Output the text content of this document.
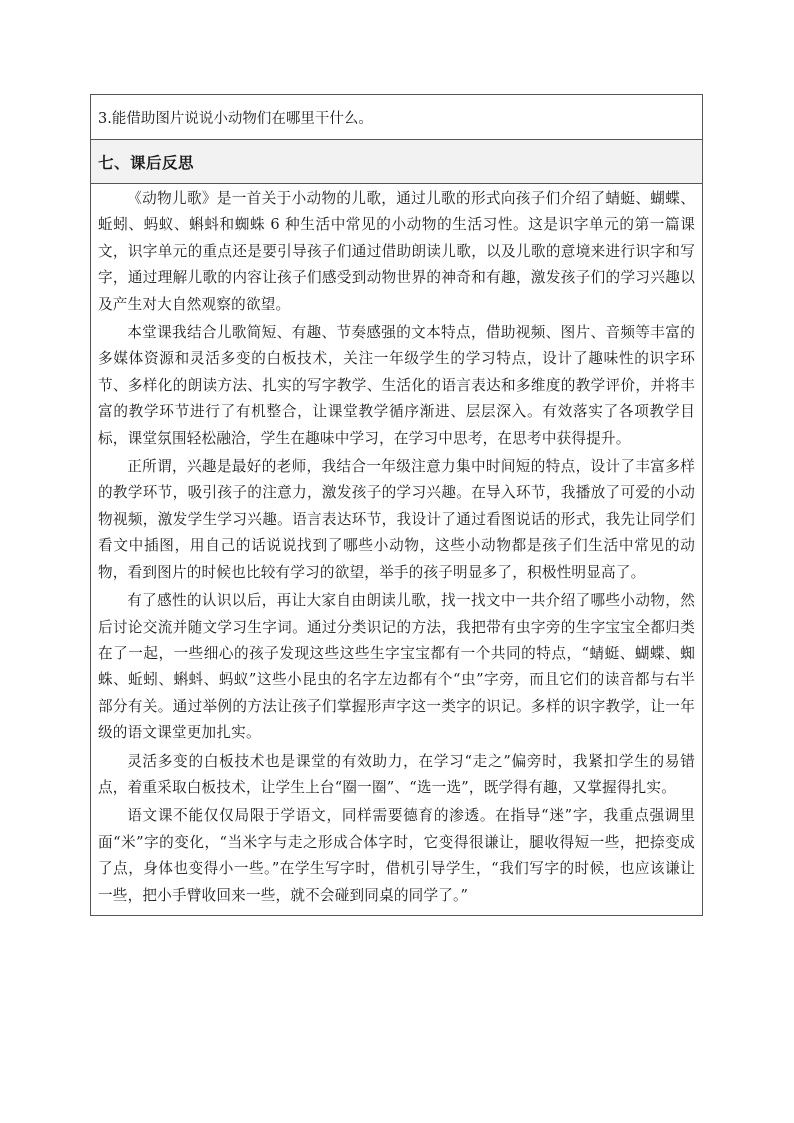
3.能借助图片说说小动物们在哪里干什么。
七、课后反思

《动物儿歌》是一首关于小动物的儿歌，通过儿歌的形式向孩子们介绍了蜻蜓、蝴蝶、蚯蚓、蚂蚁、蝌蚪和蜘蛛 6 种生活中常见的小动物的生活习性。这是识字单元的第一篇课文，识字单元的重点还是要引导孩子们通过借助朗读儿歌，以及儿歌的意境来进行识字和写字，通过理解儿歌的内容让孩子们感受到动物世界的神奇和有趣，激发孩子们的学习兴趣以及产生对大自然观察的欲望。

本堂课我结合儿歌简短、有趣、节奏感强的文本特点，借助视频、图片、音频等丰富的多媒体资源和灵活多变的白板技术，关注一年级学生的学习特点，设计了趣味性的识字环节、多样化的朗读方法、扎实的写字教学、生活化的语言表达和多维度的教学评价，并将丰富的教学环节进行了有机整合，让课堂教学循序渐进、层层深入。有效落实了各项教学目标，课堂氛围轻松融洽，学生在趣味中学习，在学习中思考，在思考中获得提升。

正所谓，兴趣是最好的老师，我结合一年级注意力集中时间短的特点，设计了丰富多样的教学环节，吸引孩子的注意力，激发孩子的学习兴趣。在导入环节，我播放了可爱的小动物视频，激发学生学习兴趣。语言表达环节，我设计了通过看图说话的形式，我先让同学们看文中插图，用自己的话说说找到了哪些小动物，这些小动物都是孩子们生活中常见的动物，看到图片的时候也比较有学习的欲望，举手的孩子明显多了，积极性明显高了。

有了感性的认识以后，再让大家自由朗读儿歌，找一找文中一共介绍了哪些小动物，然后讨论交流并随文学习生字词。通过分类识记的方法，我把带有虫字旁的生字宝宝全都归类在了一起，一些细心的孩子发现这些这些生字宝宝都有一个共同的特点，“蜻蜓、蝴蝶、蜘蛛、蚯蚓、蝌蚪、蚂蚁”这些小昆虫的名字左边都有个“虫”字旁，而且它们的读音都与右半部分有关。通过举例的方法让孩子们掌握形声字这一类字的识记。多样的识字教学，让一年级的语文课堂更加扎实。

灵活多变的白板技术也是课堂的有效助力，在学习“走之”偏旁时，我紧扣学生的易错点，着重采取白板技术，让学生上台“圈一圈”、“选一选”，既学得有趣，又掌握得扎实。

语文课不能仅仅局限于学语文，同样需要德育的渗透。在指导“迷”字，我重点强调里面“米”字的变化，“当米字与走之形成合体字时，它变得很谦让，腿收得短一些，把捺变成了点，身体也变得小一些。”在学生写字时，借机引导学生，“我们写字的时候，也应该谦让一些，把小手臂收回来一些，就不会碰到同桌的同学了。”
